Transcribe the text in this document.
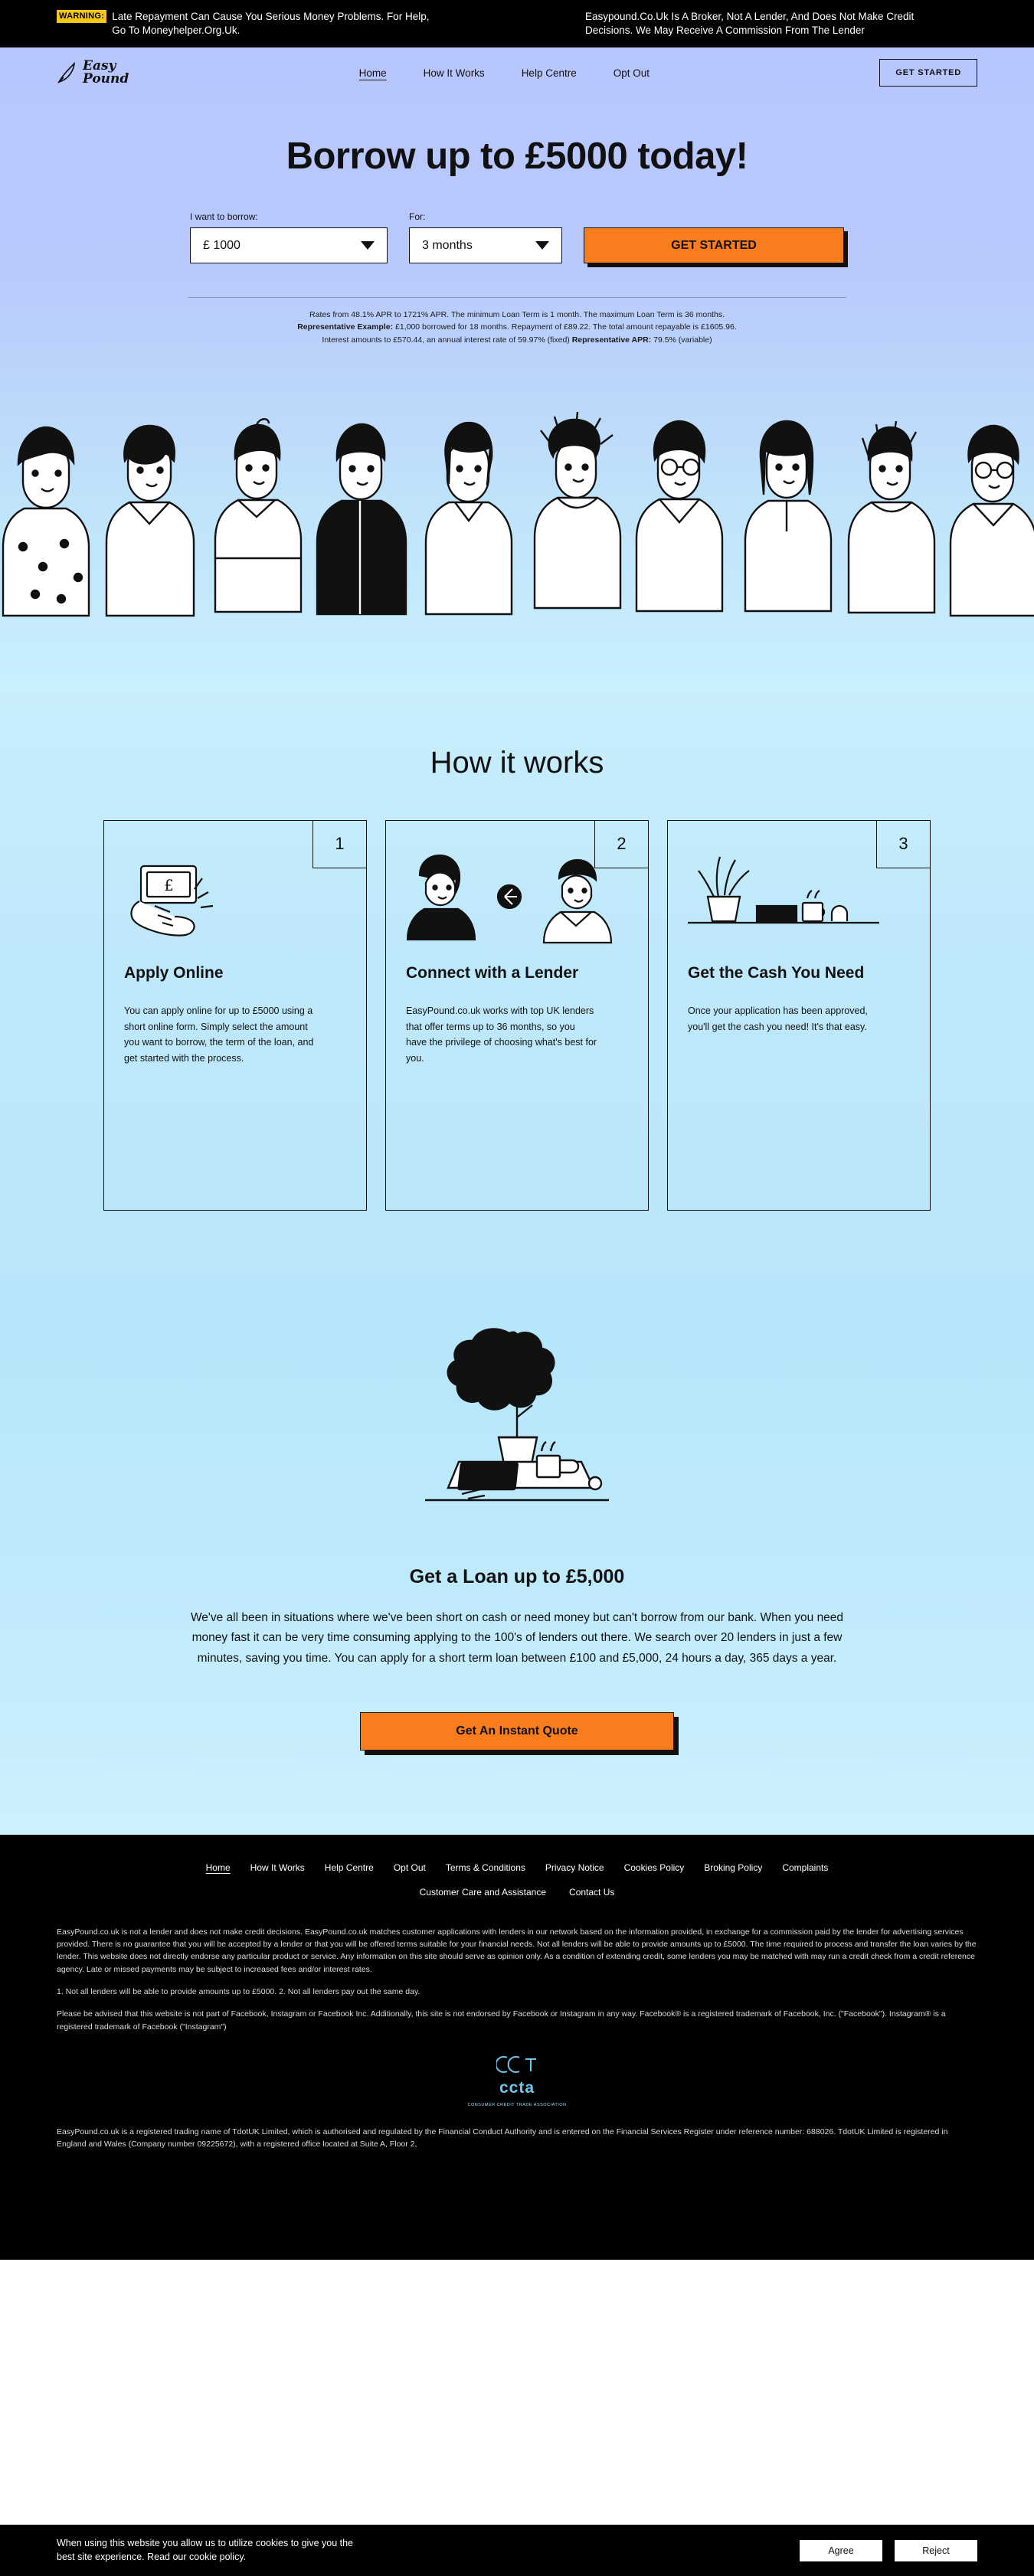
WARNING: Late Repayment Can Cause You Serious Money Problems. For Help, Go To Moneyhelper.Org.Uk.
Easypound.Co.Uk Is A Broker, Not A Lender, And Does Not Make Credit Decisions. We May Receive A Commission From The Lender
Easy
Pound	Home	How It Works	Help Centre	Opt Out	GET STARTED
Borrow up to £5000 today!
I want to borrow:
£ 1000
For:
3 months	GET STARTED
Rates from 48.1% APR to 1721% APR. The minimum Loan Term is 1 month. The maximum Loan Term is 36 months.
Representative Example: £1,000 borrowed for 18 months. Repayment of £89.22. The total amount repayable is £1605.96.
Interest amounts to £570.44, an annual interest rate of 59.97% (fixed) Representative APR: 79.5% (variable)
How it works
1
£
Apply Online

You can apply online for up to £5000 using a short online form. Simply select the amount you want to borrow, the term of the loan, and get started with the process.

2
Connect with a Lender

EasyPound.co.uk works with top UK lenders that offer terms up to 36 months, so you have the privilege of choosing what's best for you.

3
Get the Cash You Need

Once your application has been approved, you'll get the cash you need! It's that easy.

Get a Loan up to £5,000

We've all been in situations where we've been short on cash or need money but can't borrow from our bank. When you need money fast it can be very time consuming applying to the 100's of lenders out there. We search over 20 lenders in just a few minutes, saving you time. You can apply for a short term loan between £100 and £5,000, 24 hours a day, 365 days a year.

Get An Instant Quote
Home How It Works Help Centre Opt Out Terms & Conditions Privacy Notice Cookies Policy Broking Policy Complaints
Customer Care and Assistance	Contact Us

EasyPound.co.uk is not a lender and does not make credit decisions. EasyPound.co.uk matches customer applications with lenders in our network based on the information provided, in exchange for a commission paid by the lender for advertising services provided. There is no guarantee that you will be accepted by a lender or that you will be offered terms suitable for your financial needs. Not all lenders will be able to provide amounts up to £5000. The time required to process and transfer the loan varies by the lender. This website does not directly endorse any particular product or service. Any information on this site should serve as opinion only. As a condition of extending credit, some lenders you may be matched with may run a credit check from a credit reference agency. Late or missed payments may be subject to increased fees and/or interest rates.

1. Not all lenders will be able to provide amounts up to £5000. 2. Not all lenders pay out the same day.

Please be advised that this website is not part of Facebook, Instagram or Facebook Inc. Additionally, this site is not endorsed by Facebook or Instagram in any way. Facebook® is a registered trademark of Facebook, Inc. ("Facebook"). Instagram® is a registered trademark of Facebook ("Instagram")

ccta
CONSUMER CREDIT TRADE ASSOCIATION

EasyPound.co.uk is a registered trading name of TdotUK Limited, which is authorised and regulated by the Financial Conduct Authority and is entered on the Financial Services Register under reference number: 688026. TdotUK Limited is registered in England and Wales (Company number 09225672), with a registered office located at Suite A, Floor 2,

When using this website you allow us to utilize cookies to give you the best site experience. Read our cookie policy.
Agree	Reject
